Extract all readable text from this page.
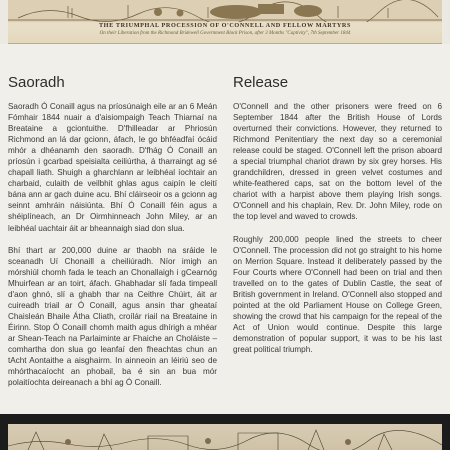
THE TRIUMPHAL PROCESSION OF O'CONNELL AND FELLOW MARTYRS
On their Liberation from the Richmond Bridewell Government Black Prison, after 3 Months "Captivity", 7th September 1844
Saoradh	Release

Saoradh Ó Conaill agus na príosúnaigh eile ar an 6 Meán Fómhair 1844 nuair a d'aisiompaigh Teach Thiarnaí na Breataine a gciontuithe. D'fhilleadar ar Phriosún Richmond an lá dar gcionn, áfach, le go bhféadfaí ócáid mhór a dhéanamh den saoradh. D'fhág Ó Conaill an príosún i gcarbad speisialta ceiliúrtha, á tharraingt ag sé chapall liath. Shuigh a gharchlann ar leibhéal íochtair an charbaid, culaith de veilbhit ghlas agus caipín le cleití bána ann ar gach duine acu. Bhí cláirseoir os a gcionn ag seinnt amhráin náisiúnta. Bhí Ó Conaill féin agus a shéiplíneach, an Dr Oirmhinneach John Miley, ar an leibhéal uachtair áit ar bheannaigh siad don slua.

Bhí thart ar 200,000 duine ar thaobh na sráide le sceanadh Uí Chonaill a cheiliúradh. Níor imigh an mórshiúl chomh fada le teach an Chonallaigh i gCearnóg Mhuirfean ar an toirt, áfach. Ghabhadar slí fada timpeall d'aon ghnó, slí a ghabh thar na Ceithre Chúirt, áit ar cuireadh triail ar Ó Conaill, agus ansin thar gheataí Chaisleán Bhaile Átha Cliath, croílár riail na Breataine in Éirinn. Stop Ó Conaill chomh maith agus dhírigh a mhéar ar Shean-Teach na Parlaiminte ar Fhaiche an Choláiste – comhartha don slua go leanfaí den fheachtas chun an tAcht Aontaithe a aisghairm. In ainneoin an léiriú seo de mhórthacaíocht an phobail, ba é sin an bua mór polaitíochta deireanach a bhí ag Ó Conaill.

O'Connell and the other prisoners were freed on 6 September 1844 after the British House of Lords overturned their convictions. However, they returned to Richmond Penitentiary the next day so a ceremonial release could be staged. O'Connell left the prison aboard a special triumphal chariot drawn by six grey horses. His grandchildren, dressed in green velvet costumes and white-feathered caps, sat on the bottom level of the chariot with a harpist above them playing Irish songs. O'Connell and his chaplain, Rev. Dr. John Miley, rode on the top level and waved to crowds.

Roughly 200,000 people lined the streets to cheer O'Connell. The procession did not go straight to his home on Merrion Square. Instead it deliberately passed by the Four Courts where O'Connell had been on trial and then travelled on to the gates of Dublin Castle, the seat of British government in Ireland. O'Connell also stopped and pointed at the old Parliament House on College Green, showing the crowd that his campaign for the repeal of the Act of Union would continue. Despite this large demonstration of popular support, it was to be his last great political triumph.
